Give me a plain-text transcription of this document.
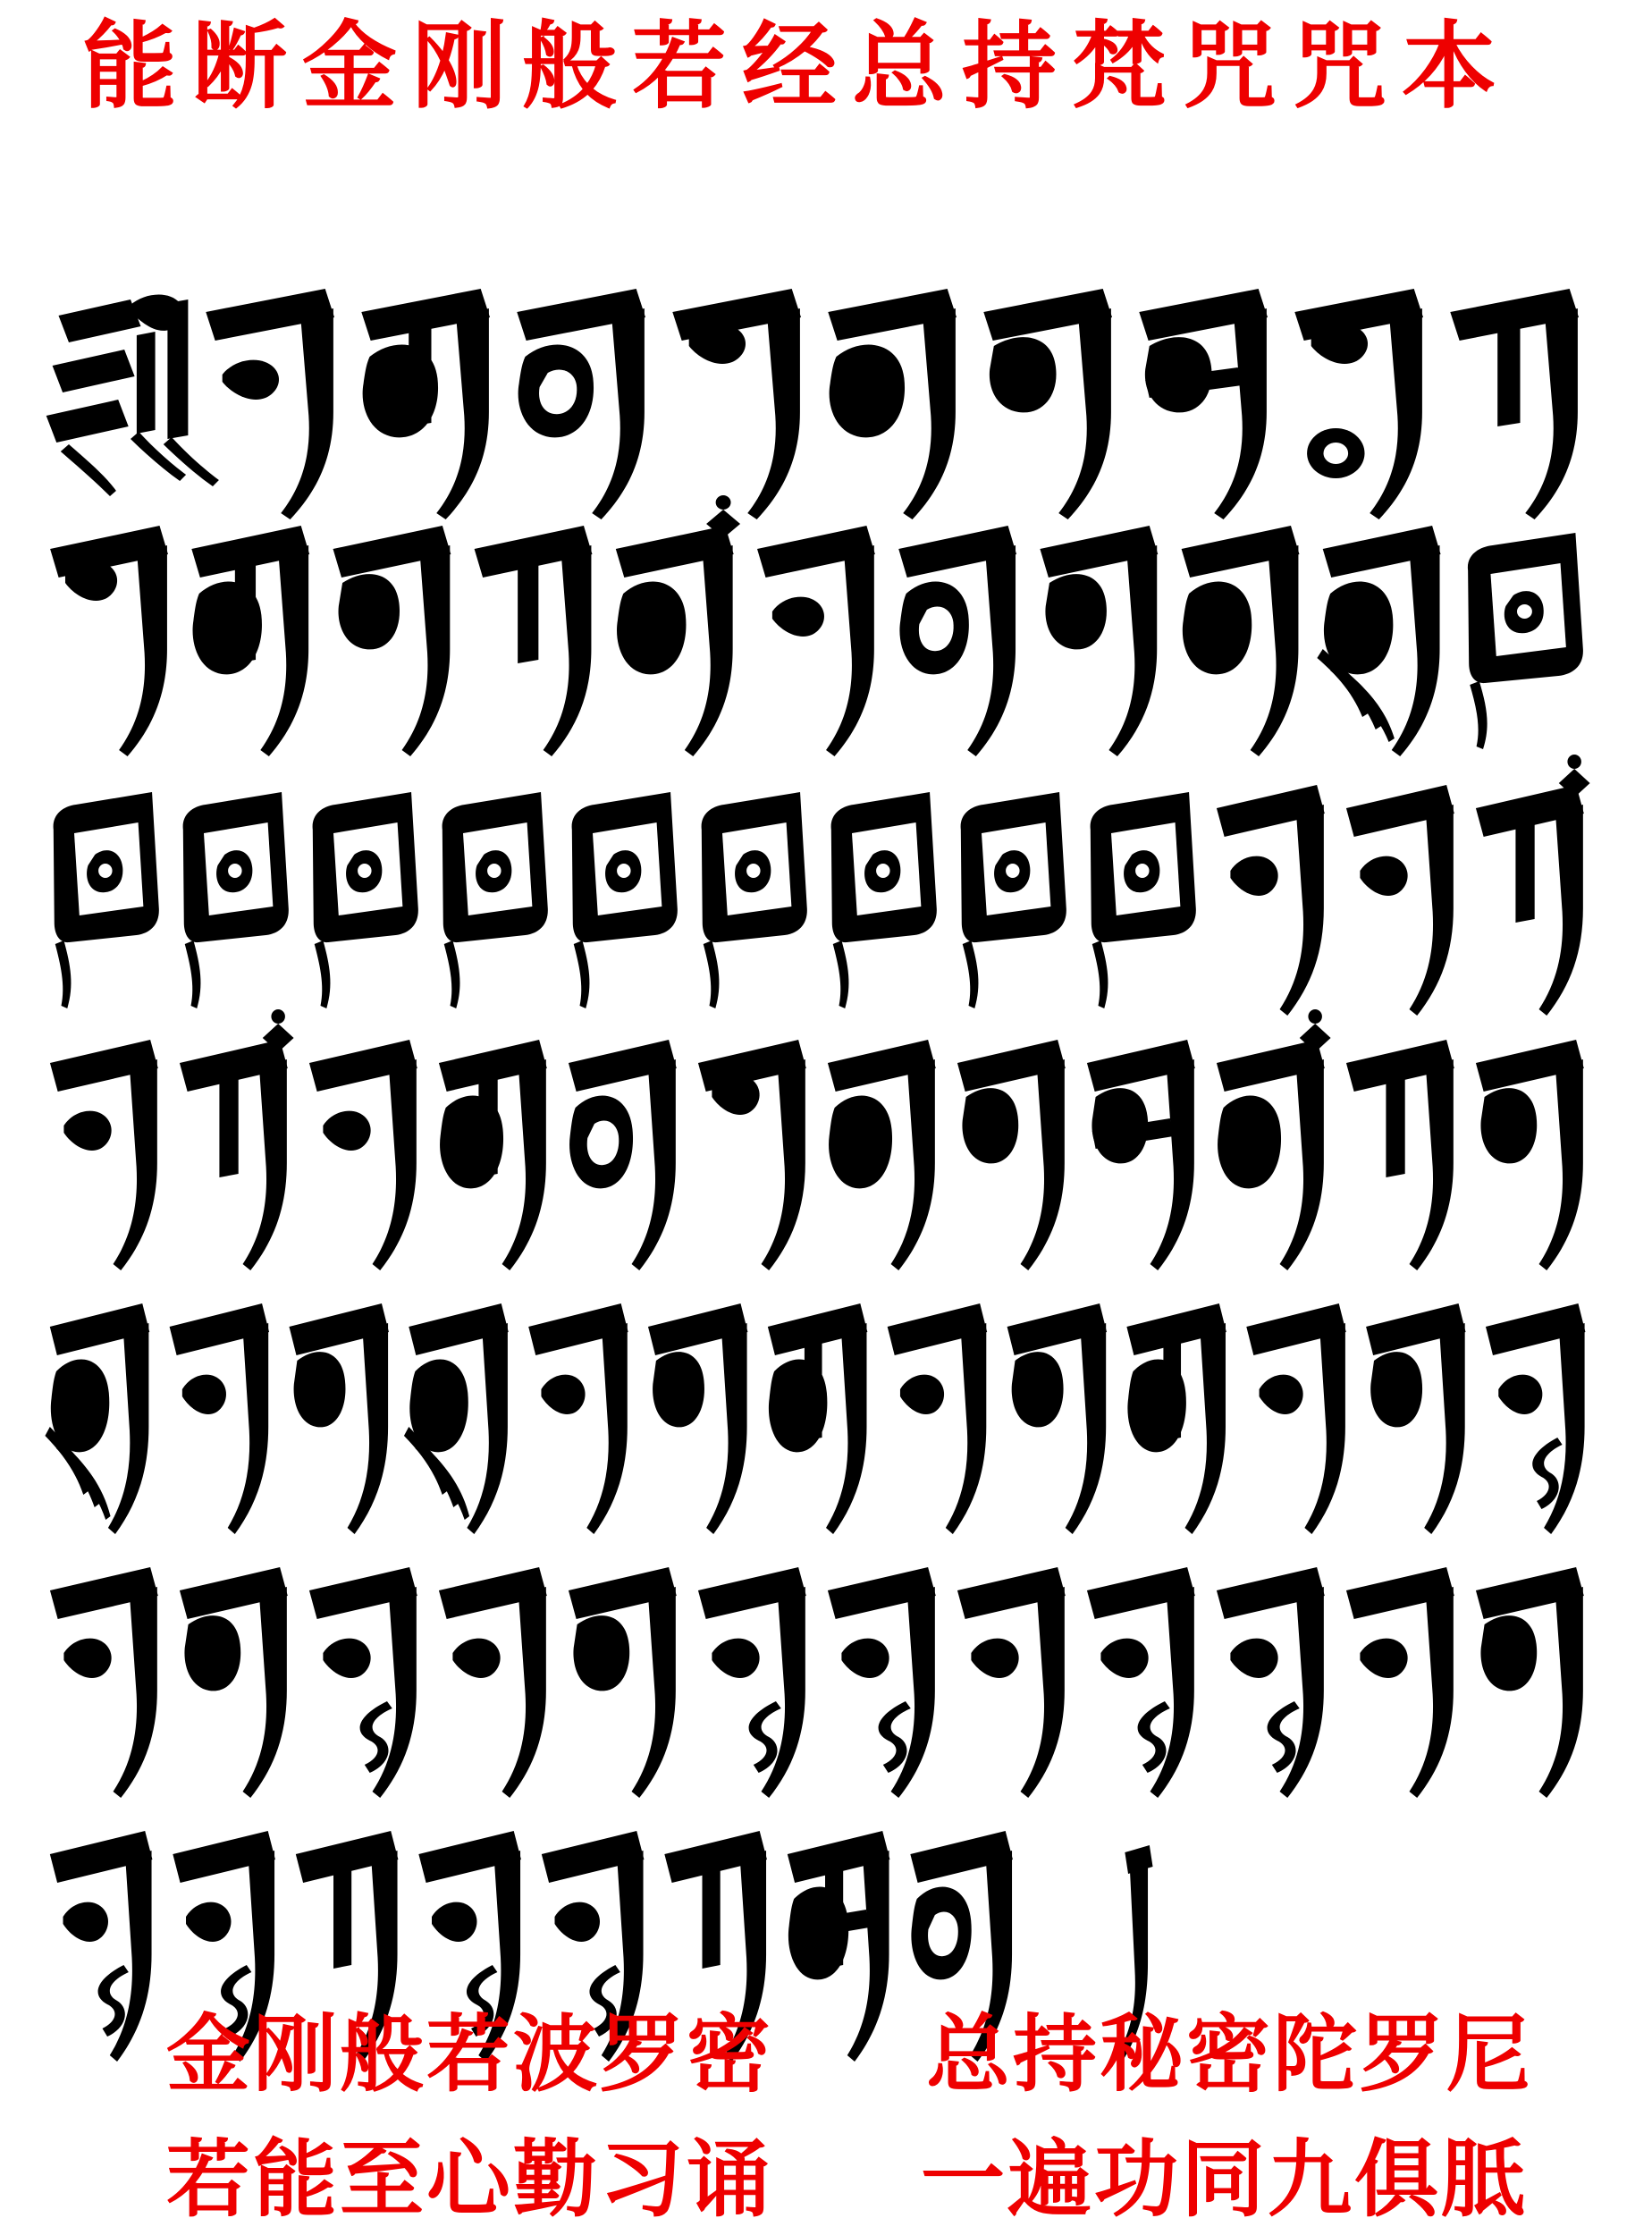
能断金刚般若经总持梵咒咒本
金刚般若波罗密 总持秘密陀罗尼
若能至心勤习诵 一遍功同九俱胝
